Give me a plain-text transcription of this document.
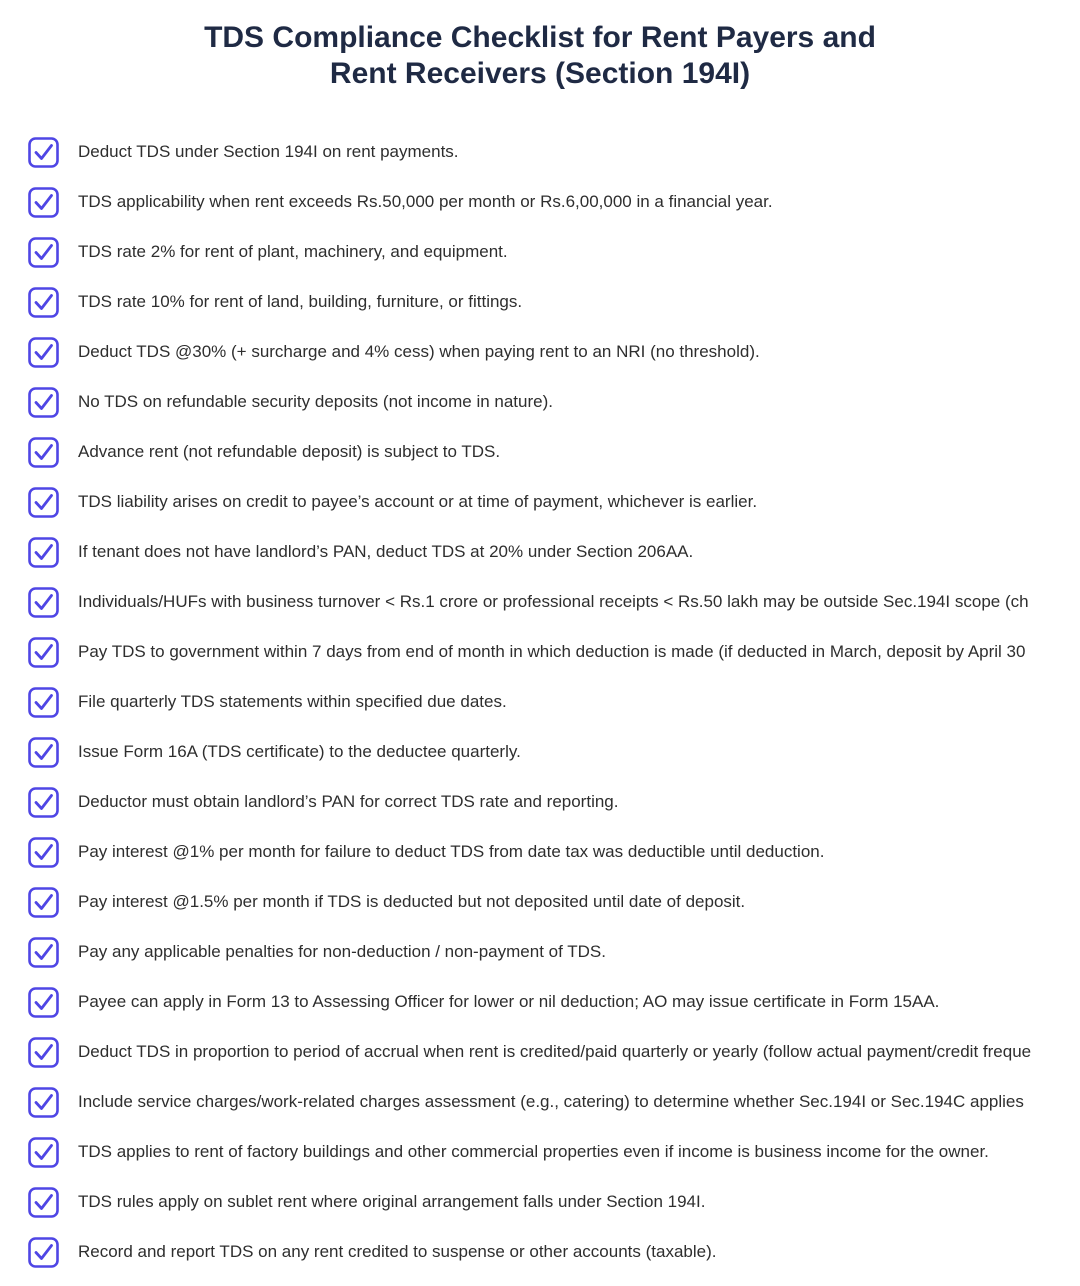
TDS Compliance Checklist for Rent Payers and
Rent Receivers (Section 194I)
Deduct TDS under Section 194I on rent payments.
TDS applicability when rent exceeds Rs.50,000 per month or Rs.6,00,000 in a financial year.
TDS rate 2% for rent of plant, machinery, and equipment.
TDS rate 10% for rent of land, building, furniture, or fittings.
Deduct TDS @30% (+ surcharge and 4% cess) when paying rent to an NRI (no threshold).
No TDS on refundable security deposits (not income in nature).
Advance rent (not refundable deposit) is subject to TDS.
TDS liability arises on credit to payee’s account or at time of payment, whichever is earlier.
If tenant does not have landlord’s PAN, deduct TDS at 20% under Section 206AA.
Individuals/HUFs with business turnover < Rs.1 crore or professional receipts < Rs.50 lakh may be outside Sec.194I scope (ch
Pay TDS to government within 7 days from end of month in which deduction is made (if deducted in March, deposit by April 30
File quarterly TDS statements within specified due dates.
Issue Form 16A (TDS certificate) to the deductee quarterly.
Deductor must obtain landlord’s PAN for correct TDS rate and reporting.
Pay interest @1% per month for failure to deduct TDS from date tax was deductible until deduction.
Pay interest @1.5% per month if TDS is deducted but not deposited until date of deposit.
Pay any applicable penalties for non-deduction / non-payment of TDS.
Payee can apply in Form 13 to Assessing Officer for lower or nil deduction; AO may issue certificate in Form 15AA.
Deduct TDS in proportion to period of accrual when rent is credited/paid quarterly or yearly (follow actual payment/credit freque
Include service charges/work-related charges assessment (e.g., catering) to determine whether Sec.194I or Sec.194C applies
TDS applies to rent of factory buildings and other commercial properties even if income is business income for the owner.
TDS rules apply on sublet rent where original arrangement falls under Section 194I.
Record and report TDS on any rent credited to suspense or other accounts (taxable).
